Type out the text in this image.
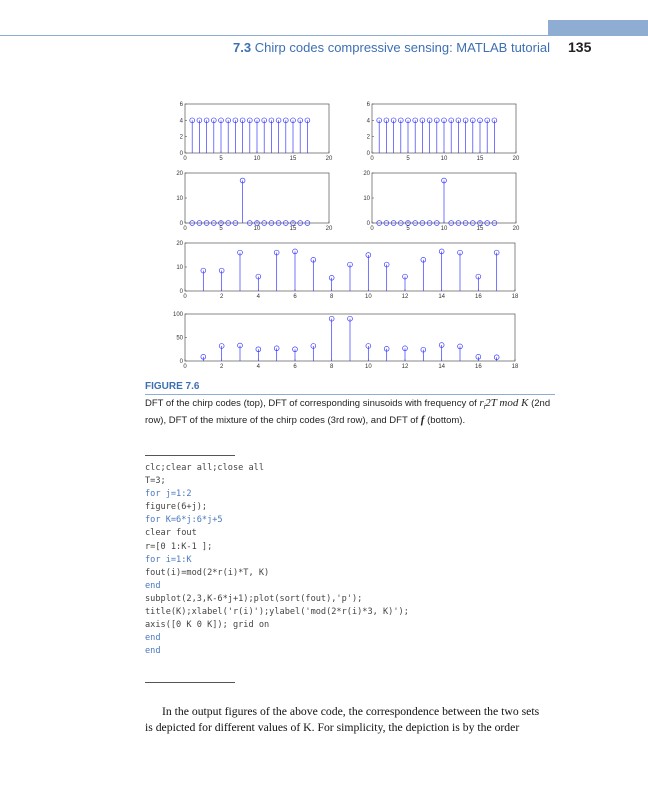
7.3 Chirp codes compressive sensing: MATLAB tutorial 135
0	5	10	15	20
0
2
4
6
0	5	10	15	20
0
2
4
6
0	5	10	15	20
0
10
20
0	5	10	15	20
0
10
20
0	2	4	6	8	10	12	14	16	18
0
10
20
0	2	4	6	8	10	12	14	16	18
0
50
100
FIGURE 7.6
DFT of the chirp codes (top), DFT of corresponding sinusoids with frequency of $r_i2T$ mod K (2nd row), DFT of the mixture of the chirp codes (3rd row), and DFT of f (bottom).
clc;clear all;close all
T=3;
for j=1:2
figure(6+j);
for K=6*j:6*j+5
clear fout
r=[0 1:K-1 ];
for i=1:K
fout(i)=mod(2*r(i)*T, K)
end
subplot(2,3,K-6*j+1);plot(sort(fout),'p');
title(K);xlabel('r(i)');ylabel('mod(2*r(i)*3, K)');
axis([0 K 0 K]); grid on
end
end
In the output figures of the above code, the correspondence between the two sets
is depicted for different values of K. For simplicity, the depiction is by the order
